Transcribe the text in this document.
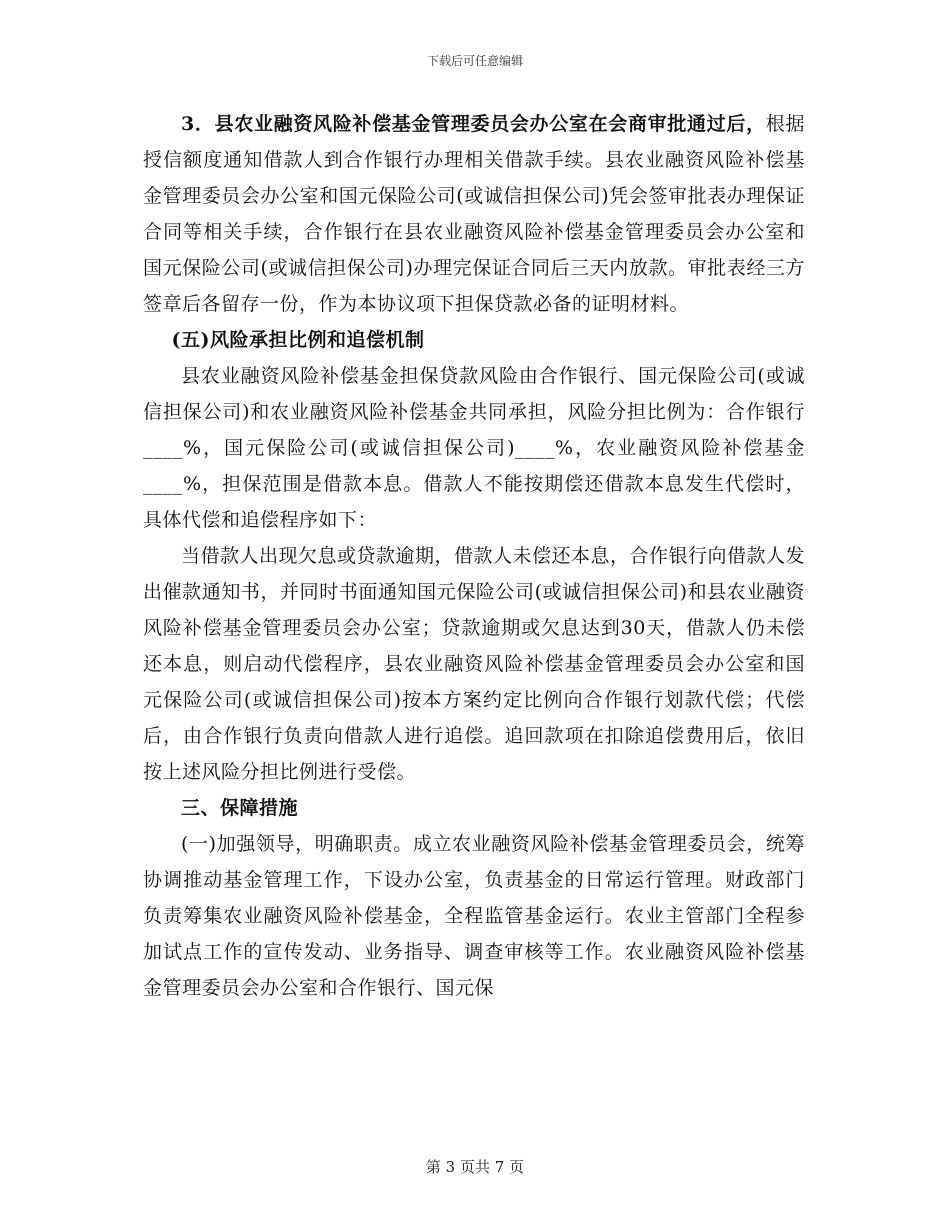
下载后可任意编辑

3．县农业融资风险补偿基金管理委员会办公室在会商审批通过后，根据授信额度通知借款人到合作银行办理相关借款手续。县农业融资风险补偿基金管理委员会办公室和国元保险公司(或诚信担保公司)凭会签审批表办理保证合同等相关手续，合作银行在县农业融资风险补偿基金管理委员会办公室和国元保险公司(或诚信担保公司)办理完保证合同后三天内放款。审批表经三方签章后各留存一份，作为本协议项下担保贷款必备的证明材料。

(五)风险承担比例和追偿机制

县农业融资风险补偿基金担保贷款风险由合作银行、国元保险公司(或诚信担保公司)和农业融资风险补偿基金共同承担，风险分担比例为：合作银行____%，国元保险公司(或诚信担保公司)____%，农业融资风险补偿基金____%，担保范围是借款本息。借款人不能按期偿还借款本息发生代偿时，具体代偿和追偿程序如下：

当借款人出现欠息或贷款逾期，借款人未偿还本息，合作银行向借款人发出催款通知书，并同时书面通知国元保险公司(或诚信担保公司)和县农业融资风险补偿基金管理委员会办公室；贷款逾期或欠息达到30天，借款人仍未偿还本息，则启动代偿程序，县农业融资风险补偿基金管理委员会办公室和国元保险公司(或诚信担保公司)按本方案约定比例向合作银行划款代偿；代偿后，由合作银行负责向借款人进行追偿。追回款项在扣除追偿费用后，依旧按上述风险分担比例进行受偿。

三、保障措施

(一)加强领导，明确职责。成立农业融资风险补偿基金管理委员会，统筹协调推动基金管理工作，下设办公室，负责基金的日常运行管理。财政部门负责筹集农业融资风险补偿基金，全程监管基金运行。农业主管部门全程参加试点工作的宣传发动、业务指导、调查审核等工作。农业融资风险补偿基金管理委员会办公室和合作银行、国元保

第 3 页共 7 页
